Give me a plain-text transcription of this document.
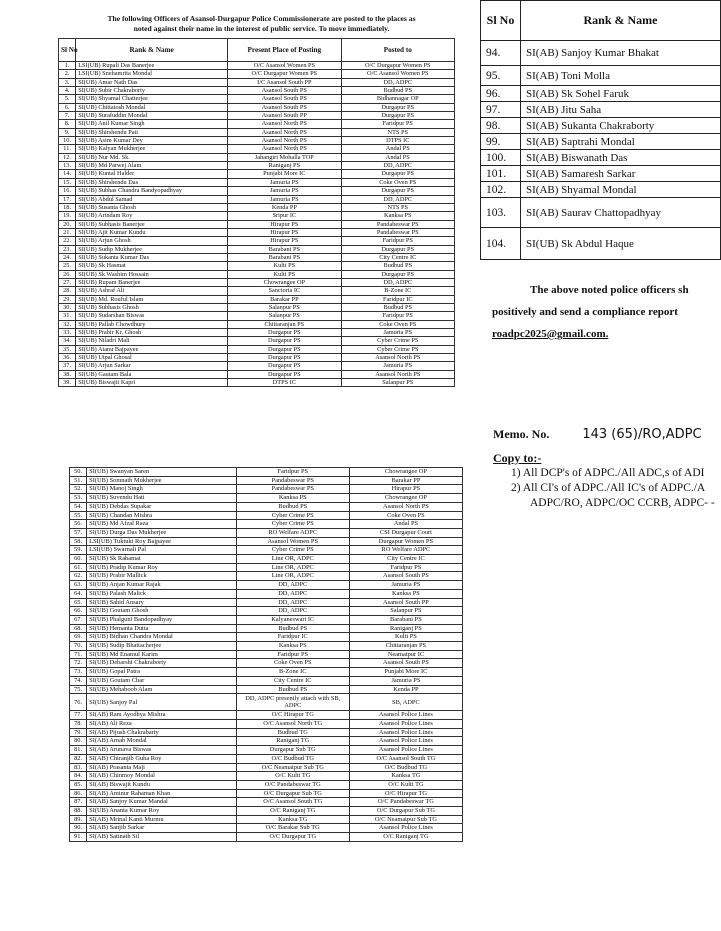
The following Officers of Asansol-Durgapur Police Commissionerate are posted to the places as
noted against their name in the interest of public service. To move immediately.
Sl No	Rank & Name	Present Place of Posting	Posted to
1.	LSI(UB) Rupali Das Banerjee	O/C Asansol Women PS	O/C Durgapur Women PS
2.	LSI(UB) Snehamrita Mondal	O/C Durgapur Women PS	O/C Asansol Women PS
3.	SI(UB) Amar Nath Das	I/C Asansol South PP	DD, ADPC
4.	SI(UB) Subir Chakraborty	Asansol South PS	Budbud PS
5.	SI(UB) Shyamal Chatterjee	Asansol South PS	Bidhannagar OP
6.	SI(UB) Chittatosh Mondal	Asansol South PS	Durgapur PS
7.	SI(UB) Surafuddin Mondal	Asansol South PP	Durgapur PS
8.	SI(UB) Anil Kumar Singh	Asansol North PS	Faridpur PS
9.	SI(UB) Shirshendu Pati	Asansol North PS	NTS PS
10.	SI(UB) Asim Kumar Dey	Asansol North PS	DTPS IC
11.	SI(UB) Kalyan Mukherjee	Asansol North PS	Andal PS
12.	SI(UB) Nur Md. Sk.	Jahangiri Mohalla TOP	Andal PS
13.	SI(UB) Md Parwej Alam	Raniganj PS	DD, ADPC
14.	SI(UB) Kuntal Halder	Punjabi More IC	Durgapur PS
15.	SI(UB) Shirshendu Das	Jamuria PS	Coke Oven PS
16.	SI(UB) Subhas Chandra Bandyopadhyay	Jamuria PS	Durgapur PS
17.	SI(UB) Abdul Samad	Jamuria PS	DD, ADPC
18.	SI(UB) Susanta Ghosh	Kenda PP	NTS PS
19.	SI(UB) Arindam Roy	Sripur IC	Kanksa PS
20.	SI(UB) Subhasis Banerjee	Hirapur PS	Pandabeswar PS
21.	SI(UB) Ajit Kumar Kundu	Hirapur PS	Pandabeswar PS
22.	SI(UB) Arjun Ghosh	Hirapur PS	Faridpur PS
23.	SI(UB) Sudip Mukherjee	Barabani PS	Durgapur PS
24.	SI(UB) Sukanta Kumar Das	Barabani PS	City Centre IC
25.	SI(UB) Sk Hasmat	Kulti PS	Budbud PS
26.	SI(UB) Sk Washim Hossain	Kulti PS	Durgapur PS
27.	SI(UB) Rupam Banerjee	Chowrangee OP	DD, ADPC
28.	SI(UB) Ashraf Ali	Sanctoria IC	B-Zone IC
29.	SI(UB) Md. Rouful Islam	Barakar PP	Faridpur IC
30.	SI(UB) Subhasis Ghosh	Salanpur PS	Budbud PS
31.	SI(UB) Sudarshan Biswas	Salanpur PS	Faridpur PS
32.	SI(UB) Pallab Chowdhury	Chittaranjan PS	Coke Oven PS
33.	SI(UB) Prabir Kr. Ghosh	Durgapur PS	Jamuria PS
34.	SI(UB) Niladri Mali	Durgapur PS	Cyber Crime PS
35.	SI(UB) Atanu Bajpayee	Durgapur PS	Cyber Crime PS
36.	SI(UB) Utpal Ghosal	Durgapur PS	Asansol North PS
37.	SI(UB) Arjun Sarkar	Durgapur PS	Jamuria PS
38.	SI(UB) Gautam Bala	Durgapur PS	Asansol North PS
39.	SI(UB) Biswajit Kapri	DTPS IC	Salanpur PS
50.	SI(UB) Swanyan Saren	Faridpur PS	Chowrangee OP
51.	SI(UB) Somnath Mukherjee	Pandabeswar PS	Barakar PP
52.	SI(UB) Manoj Singh	Pandabeswar PS	Hirapur PS
53.	SI(UB) Suvendu Hati	Kanksa PS	Chowrangee OP
54.	SI(UB) Debdas Supakar	Budbud PS	Asansol North PS
55.	SI(UB) Chandan Mishra	Cyber Crime PS	Coke Oven PS
56.	SI(UB) Md Afzal Raza	Cyber Crime PS	Andal PS
57.	SI(UB) Durga Das Mukherjee	RO Welfare ADPC	CSI Durgapur Court
58.	LSI(UB) Tuktuki Roy Bajpayee	Asansol Women PS	Durgapur Women PS
59.	LSI(UB) Swarnali Pal	Cyber Crime PS	RO Welfare ADPC
60.	SI(UB) Sk Rahamat	Line OR, ADPC	City Centre IC
61.	SI(UB) Pradip Kumar Roy	Line OR, ADPC	Faridpur PS
62.	SI(UB) Prabir Mallick	Line OR, ADPC	Asansol South PS
63.	SI(UB) Anjan Kumar Rajak	DD, ADPC	Jamuria PS
64.	SI(UB) Palash Malick	DD, ADPC	Kanksa PS
65.	SI(UB) Sahid Ansary	DD, ADPC	Asansol South PP
66.	SI(UB) Goutam Ghosh	DD, ADPC	Salanpur PS
67.	SI(UB) Phalguni Bandopadhyay	Kalyaneswari IC	Barabani PS
68.	SI(UB) Hemanta Dutta	Budbud PS	Raniganj PS
69.	SI(UB) Bidhan Chandra Mondal	Faridpur IC	Kulti PS
70.	SI(UB) Sudip Bhattacherjee	Kanksa PS	Chittaranjan PS
71.	SI(UB) Md Enamul Karim	Faridpur PS	Neamatpur IC
72.	SI(UB) Debarshi Chakraborty	Coke Oven PS	Asansol South PS
73.	SI(UB) Gopal Patra	B-Zone IC	Punjabi More IC
74.	SI(UB) Goutam Char	City Centre IC	Jamuria PS
75.	SI(UB) Mehaboob Alam	Budbud PS	Kenda PP
76.	SI(UB) Sanjoy Pal	DD, ADPC presently attach with SB, ADPC	SB, ADPC
77.	SI(AB) Ram Ayodhya Mishra	O/C Hirapur TG	Asansol Police Lines
78.	SI(AB) Ali Reza	O/C Asansol North TG	Asansol Police Lines
79.	SI(AB) Pijush Chakrabarty	Budbud TG	Asansol Police Lines
80.	SI(AB) Arnab Mondal	Raniganj TG	Asansol Police Lines
81.	SI(AB) Arunava Biswas	Durgapur Sub TG	Asansol Police Lines
82.	SI(AB) Chiranjib Guha Roy	O/C Budbud TG	O/C Asansol South TG
83.	SI(AB) Prasanta Maji	O/C Neamatpur Sub TG	O/C Budbud TG
84.	SI(AB) Chinmoy Mondal	O/C Kulti TG	Kanksa TG
85.	SI(AB) Biswajit Kundu	O/C Pandabeswar TG	O/C Kulti TG
86.	SI(AB) Aminur Rahaman Khan	O/C Durgapur Sub TG	O/C Hirapur TG
87.	SI(AB) Sanjoy Kumar Mandal	O/C Asansol South TG	O/C Pandabeswar TG
88.	SI(UB) Ananta Kumar Roy	O/C Raniganj TG	O/C Durgapur Sub TG
89.	SI(AB) Mrinal Kanti Murmu	Kanksa TG	O/C Neamatpur Sub TG
90.	SI(AB) Sanjib Sarkar	O/C Barakar Sub TG	Asansol Police Lines
91.	SI(AB) Satinath Sil	O/C Durgapur TG	O/C Raniganj TG
Sl No	Rank & Name
94.	SI(AB) Sanjoy Kumar Bhakat
95.	SI(AB) Toni Molla
96.	SI(AB) Sk Sohel Faruk
97.	SI(AB) Jitu Saha
98.	SI(AB) Sukanta Chakraborty
99.	SI(AB) Saptrahi Mondal
100.	SI(AB) Biswanath Das
101.	SI(AB) Samaresh Sarkar
102.	SI(AB) Shyamal Mondal
103.	SI(AB) Saurav Chattopadhyay
104.	SI(UB) Sk Abdul Haque
The above noted police officers sh
positively and send a compliance report
roadpc2025@gmail.com.
Memo. No.	143 (65)/RO,ADPC
Copy to:-
1) All DCP's of ADPC./All ADC,s of ADI
2) All CI's of ADPC./All IC's of ADPC./A
ADPC/RO, ADPC/OC CCRB, ADPC- -
